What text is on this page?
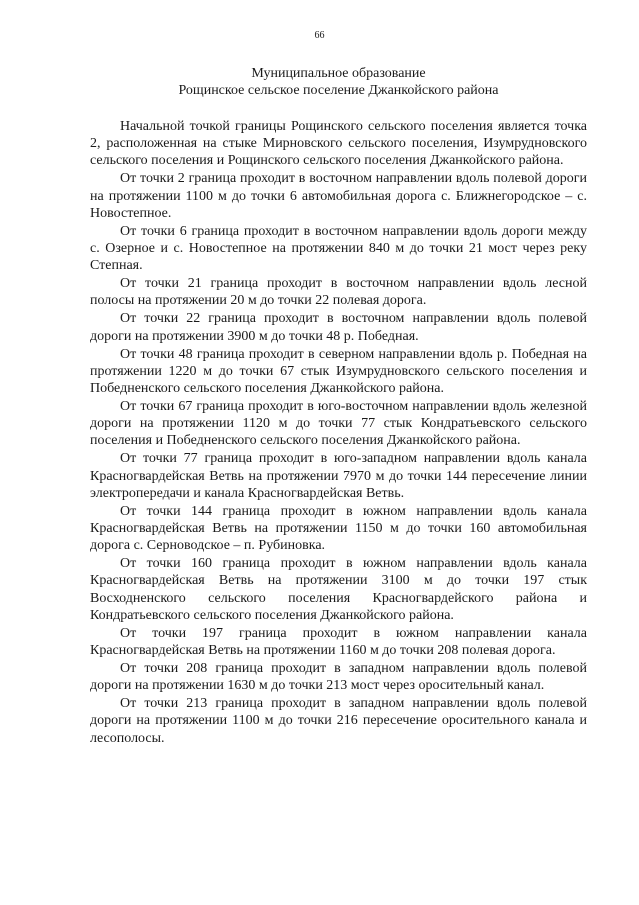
66
Муниципальное образование
Рощинское сельское поселение Джанкойского района

Начальной точкой границы Рощинского сельского поселения является точка 2, расположенная на стыке Мирновского сельского поселения, Изумрудновского сельского поселения и Рощинского сельского поселения Джанкойского района.

От точки 2 граница проходит в восточном направлении вдоль полевой дороги на протяжении 1100 м до точки 6 автомобильная дорога с. Ближнегородское – с. Новостепное.

От точки 6 граница проходит в восточном направлении вдоль дороги между с. Озерное и с. Новостепное на протяжении 840 м до точки 21 мост через реку Степная.

От точки 21 граница проходит в восточном направлении вдоль лесной полосы на протяжении 20 м до точки 22 полевая дорога.

От точки 22 граница проходит в восточном направлении вдоль полевой дороги на протяжении 3900 м до точки 48 р. Победная.

От точки 48 граница проходит в северном направлении вдоль р. Победная на протяжении 1220 м до точки 67 стык Изумрудновского сельского поселения и Победненского сельского поселения Джанкойского района.

От точки 67 граница проходит в юго-восточном направлении вдоль железной дороги на протяжении 1120 м до точки 77 стык Кондратьевского сельского поселения и Победненского сельского поселения Джанкойского района.

От точки 77 граница проходит в юго-западном направлении вдоль канала Красногвардейская Ветвь на протяжении 7970 м до точки 144 пересечение линии электропередачи и канала Красногвардейская Ветвь.

От точки 144 граница проходит в южном направлении вдоль канала Красногвардейская Ветвь на протяжении 1150 м до точки 160 автомобильная дорога с. Серноводское – п. Рубиновка.

От точки 160 граница проходит в южном направлении вдоль канала Красногвардейская Ветвь на протяжении 3100 м до точки 197 стык Восходненского сельского поселения Красногвардейского района и Кондратьевского сельского поселения Джанкойского района.

От точки 197 граница проходит в южном направлении канала Красногвардейская Ветвь на протяжении 1160 м до точки 208 полевая дорога.

От точки 208 граница проходит в западном направлении вдоль полевой дороги на протяжении 1630 м до точки 213 мост через оросительный канал.

От точки 213 граница проходит в западном направлении вдоль полевой дороги на протяжении 1100 м до точки 216 пересечение оросительного канала и лесополосы.
